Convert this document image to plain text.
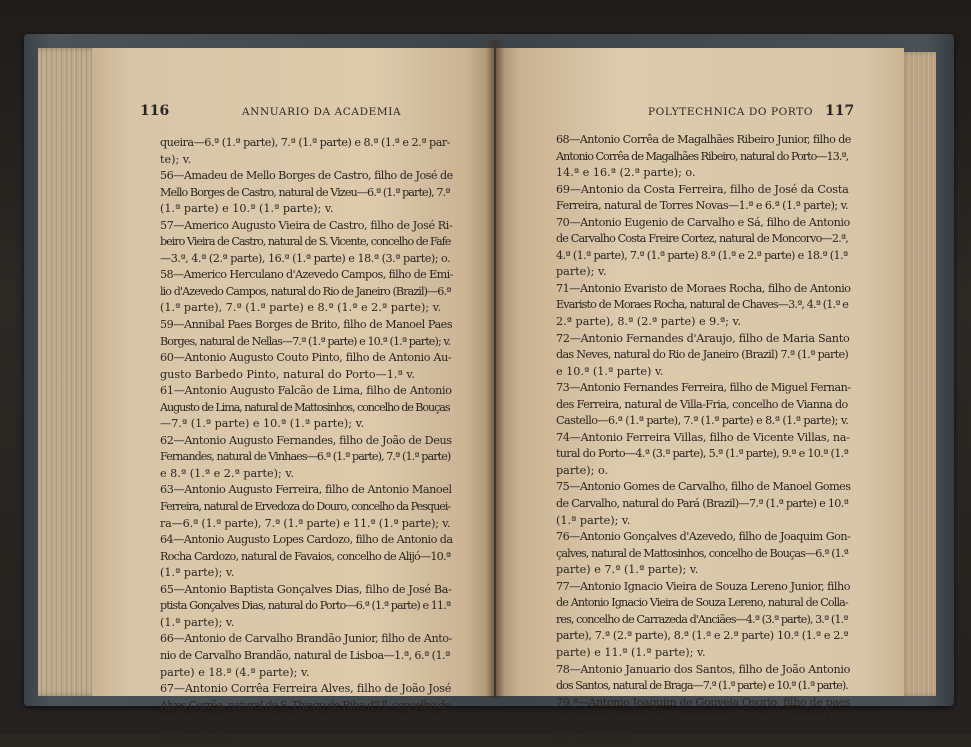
116	ANNUARIO DA ACADEMIA
queira—6.ª (1.ª parte), 7.ª (1.ª parte) e 8.ª (1.ª e 2.ª par-
te); v.
56—Amadeu de Mello Borges de Castro, filho de José de
Mello Borges de Castro, natural de Vizeu—6.ª (1.ª parte), 7.ª
(1.ª parte) e 10.ª (1.ª parte); v.
57—Americo Augusto Vieira de Castro, filho de José Ri-
beiro Vieira de Castro, natural de S. Vicente, concelho de Fafe
—3.ª, 4.ª (2.ª parte), 16.ª (1.ª parte) e 18.ª (3.ª parte); o.
58—Americo Herculano d'Azevedo Campos, filho de Emi-
lio d'Azevedo Campos, natural do Rio de Janeiro (Brazil)—6.ª
(1.ª parte), 7.ª (1.ª parte) e 8.ª (1.ª e 2.ª parte); v.
59—Annibal Paes Borges de Brito, filho de Manoel Paes
Borges, natural de Nellas—7.ª (1.ª parte) e 10.ª (1.ª parte); v.
60—Antonio Augusto Couto Pinto, filho de Antonio Au-
gusto Barbedo Pinto, natural do Porto—1.ª v.
61—Antonio Augusto Falcão de Lima, filho de Antonio
Augusto de Lima, natural de Mattosinhos, concelho de Bouças
—7.ª (1.ª parte) e 10.ª (1.ª parte); v.
62—Antonio Augusto Fernandes, filho de João de Deus
Fernandes, natural de Vinhaes—6.ª (1.ª parte), 7.ª (1.ª parte)
e 8.ª (1.ª e 2.ª parte); v.
63—Antonio Augusto Ferreira, filho de Antonio Manoel
Ferreira, natural de Ervedoza do Douro, concelho da Pesquei-
ra—6.ª (1.ª parte), 7.ª (1.ª parte) e 11.ª (1.ª parte); v.
64—Antonio Augusto Lopes Cardozo, filho de Antonio da
Rocha Cardozo, natural de Favaios, concelho de Alijó—10.ª
(1.ª parte); v.
65—Antonio Baptista Gonçalves Dias, filho de José Ba-
ptista Gonçalves Dias, natural do Porto—6.ª (1.ª parte) e 11.ª
(1.ª parte); v.
66—Antonio de Carvalho Brandão Junior, filho de Anto-
nio de Carvalho Brandão, natural de Lisboa—1.ª, 6.ª (1.ª
parte) e 18.ª (4.ª parte); v.
67—Antonio Corrêa Ferreira Alves, filho de João José
Alves Corrêa, natural de S. Thiago de Riba d'Ul, concelho de
Oliveira d'Azemeis—10.ª (1.ª parte), 11.ª (2.ª parte) e 16.ª
(1.ª parte); v.
POLYTECHNICA DO PORTO 117
68—Antonio Corrêa de Magalhães Ribeiro Junior, filho de
Antonio Corrêa de Magalhães Ribeiro, natural do Porto—13.ª,
14.ª e 16.ª (2.ª parte); o.
69—Antonio da Costa Ferreira, filho de José da Costa
Ferreira, natural de Torres Novas—1.ª e 6.ª (1.ª parte); v.
70—Antonio Eugenio de Carvalho e Sá, filho de Antonio
de Carvalho Costa Freire Cortez, natural de Moncorvo—2.ª,
4.ª (1.ª parte), 7.ª (1.ª parte) 8.ª (1.ª e 2.ª parte) e 18.ª (1.ª
parte); v.
71—Antonio Evaristo de Moraes Rocha, filho de Antonio
Evaristo de Moraes Rocha, natural de Chaves—3.ª, 4.ª (1.ª e
2.ª parte), 8.ª (2.ª parte) e 9.ª; v.
72—Antonio Fernandes d'Araujo, filho de Maria Santo
das Neves, natural do Rio de Janeiro (Brazil) 7.ª (1.ª parte)
e 10.ª (1.ª parte) v.
73—Antonio Fernandes Ferreira, filho de Miguel Fernan-
des Ferreira, natural de Villa-Fria, concelho de Vianna do
Castello—6.ª (1.ª parte), 7.ª (1.ª parte) e 8.ª (1.ª parte); v.
74—Antonio Ferreira Villas, filho de Vicente Villas, na-
tural do Porto—4.ª (3.ª parte), 5.ª (1.ª parte), 9.ª e 10.ª (1.ª
parte); o.
75—Antonio Gomes de Carvalho, filho de Manoel Gomes
de Carvalho, natural do Pará (Brazil)—7.ª (1.ª parte) e 10.ª
(1.ª parte); v.
76—Antonio Gonçalves d'Azevedo, filho de Joaquim Gon-
çalves, natural de Mattosinhos, concelho de Bouças—6.ª (1.ª
parte) e 7.ª (1.ª parte); v.
77—Antonio Ignacio Vieira de Souza Lereno Junior, filho
de Antonio Ignacio Vieira de Souza Lereno, natural de Colla-
res, concelho de Carrazeda d'Anciães—4.ª (3.ª parte), 3.ª (1.ª
parte), 7.ª (2.ª parte), 8.ª (1.ª e 2.ª parte) 10.ª (1.ª e 2.ª
parte) e 11.ª (1.ª parte); v.
78—Antonio Januario dos Santos, filho de João Antonio
dos Santos, natural de Braga—7.ª (1.ª parte) e 10.ª (1.ª parte).
79.ª—Antonio Joaquim de Gouveia Osorio, filho de paes
incognitos, natural de Moncorvo—8.ª (1.ª e 2.ª parte) e 10.ª
(1.ª parte); v.
